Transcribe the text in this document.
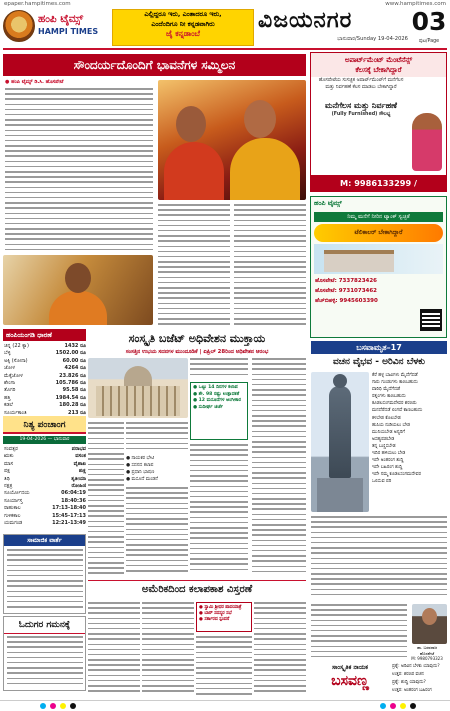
epaper.hampitimes.com	www.hampitimes.com
ಹಂಪಿ ಟೈಮ್ಸ್
HAMPI TIMES
ಎಲ್ಲಿದ್ದರೂ ಇರು, ಎಂತಾದರೂ ಇರು,
ಎಂದೆಂದಿಗೂ ನೀ ಕನ್ನಡವಾಗಿರು
ಜೈ ಕನ್ನಡಾಂಬೆ
ವಿಜಯನಗರ
ಭಾನುವಾರ/Sunday 19-04-2026
03
ಪುಟ/Page
ಸೌಂದರ್ಯದೊಂದಿಗೆ ಭಾವನೆಗಳ ಸಮ್ಮಿಲನ
● ಹಂಪಿ ಟೈಮ್ಸ್ ಡಿ.ಸಿ. ಹೊಸಪೇಟೆ
ಅಪಾರ್ಟ್‌ಮೆಂಟ್ ಮೆಂಟೆನೆನ್ಸ್
ಕೆಲಸಕ್ಕೆ ಬೇಕಾಗಿದ್ದಾರೆ
ಹೊಸಪೇಟೆಯ ಸುಸಜ್ಜಿತ ಅಪಾರ್ಟ್‌ಮೆಂಟ್‌ಗೆ ಮನೆಗೆಲಸ ಮತ್ತು ನಿರ್ವಹಣೆ ಕೆಲಸ ಮಾಡಲು ಬೇಕಾಗಿದ್ದಾರೆ
ಮನೆಗೆಲಸ ಮತ್ತು ನಿರ್ವಹಣೆ
(Fully Furnished) ಸೌಲಭ್ಯ
M: 9986133299 /
ಹಂಪಿ ಟೈಮ್ಸ್
ನಿಮ್ಮ ಮನೆಗೆ ನೀರಿನ ಟ್ಯಾಂಕ್ ಸ್ವಚ್ಛತೆ
ಟೆಲಿಕಾಲರ್ ಬೇಕಾಗಿದ್ದಾರೆ
ಹೊಸಪೇಟೆ: 7337823426
ಹೊಸಪೇಟೆ: 9731073462
ಹೆಚ್‌ಬಿಹಳ್ಳಿ: 9945603390
ಹಂಪಿಯಂಗಡಿ ಧಾರಣೆ
ಚಿನ್ನ (22 ಕ್ಯಾ)	1432 ರೂ
ಬೆಳ್ಳಿ	1502.00 ರೂ
ಅಕ್ಕಿ (ಸೋನಾ)	60.00 ರೂ
ಜೋಳ	4264 ರೂ
ಮೆಕ್ಕೆಜೋಳ	23.826 ರೂ
ಶೇಂಗಾ	105.786 ರೂ
ತೊಗರಿ	95.58 ರೂ
ಹತ್ತಿ	1984.54 ರೂ
ಕಡಲೆ	180.28 ರೂ
ಸೂರ್ಯಕಾಂತಿ	213 ರೂ
ನಿತ್ಯ ಪಂಚಾಂಗ
19-04-2026 — ಭಾನುವಾರ
ಸಂವತ್ಸರ	ಪರಾಭವ
ಋತು	ವಸಂತ
ಮಾಸ	ವೈಶಾಖ
ಪಕ್ಷ	ಶುಕ್ಲ
ತಿಥಿ	ತೃತೀಯಾ
ನಕ್ಷತ್ರ	ರೋಹಿಣಿ
ಸೂರ್ಯೋದಯ	06:04:19
ಸೂರ್ಯಾಸ್ತ	18:40:36
ರಾಹುಕಾಲ	17:13-18:40
ಗುಳಿಕಕಾಲ	15:45-17:13
ಯಮಗಂಡ	12:21-13:49
ಸಾಮಾಜಿಕ ವಾರ್ತೆ
ಓದುಗರ ಗಮನಕ್ಕೆ
ಸಂಸ್ಕೃತಿ ಬಜೆಟ್ ಅಧಿವೇಶನ ಮುಕ್ತಾಯ
ಸಂಸತ್ತಿನ ಉಭಯ ಸದನಗಳ ಮುಂದೂಡಿಕೆ | ಏಪ್ರಿಲ್ 28ರಿಂದ ಅಧಿವೇಶನ ಆರಂಭ
● ಒಟ್ಟು 14 ದಿನಗಳ ಕಲಾಪ
● ಶೇ. 98 ರಷ್ಟು ಉತ್ಪಾದಕತೆ
● 12 ಮಸೂದೆಗಳ ಅಂಗೀಕಾರ
● ಸುದೀರ್ಘ ಚರ್ಚೆ
● ನಾಯಕರ ಭೇಟಿ
● ಸದನದ ಕಲಾಪ
● ಪ್ರಧಾನಿ ಭಾಷಣ
● ಮಸೂದೆ ಮಂಡನೆ
ಅಮೆರಿಕದಿಂದ ಕಲಾಪಕಾಶ ವಿಸ್ತರಣೆ
● ಸ್ವಾಮಿ ಶ್ರೀಧರ ಪಾದಯಾತ್ರೆ
● ಬಾರ್ ಸದಸ್ಯರ ಸಭೆ
● ಸರ್ಕಾರದ ಸ್ಪಂದನೆ
ಬಸವಾಮೃತ–17
ವಚನ ವೈಭವ - ಅರಿವಿನ ಬೆಳಕು
ಕೆರೆ ಹಳ್ಳ ಬಾವಿಗಳು ಮೈದೆಗೆದಡೆ
ಗಾರು ಗುಂಡುಗಳು ಕಾಣಬಹುದು
ವಾರಿಧಿ ಮೈದೆಗೆದಡೆ
ರತ್ನಂಗಳು ಕಾಣಬಹುದು
ಕೂಡಲಸಂಗಮದೇವರ ಶರಣರು
ಮನದೆರೆದಡೆ ಲಿಂಗವೆ ಕಾಣಬಹುದು
ಕಳಬೇಡ ಕೊಲಬೇಡ
ಹುಸಿಯ ನುಡಿಯಲು ಬೇಡ
ಮುನಿಯಬೇಡ ಅನ್ಯರಿಗೆ
ಅಸಹ್ಯಪಡಬೇಡ
ತನ್ನ ಬಣ್ಣಿಸಬೇಡ
ಇದಿರ ಹಳಿಯಲು ಬೇಡ
ಇದೇ ಅಂತರಂಗ ಶುದ್ಧಿ
ಇದೇ ಬಹಿರಂಗ ಶುದ್ಧಿ
ಇದೇ ನಮ್ಮ ಕೂಡಲಸಂಗಮದೇವರ
ಒಲಿಸುವ ಪರಿ
ಡಾ. ಬಸವರಾಜ
ಹೊಸಪೇಟೆ
M: 9980793323
ಸಾಂಸ್ಕೃತಿಕ ನಾಯಕ
ಬಸವಣ್ಣ
ಪ್ರಶ್ನೆ: ಅರಿವಿನ ಬೆಳಕು ಯಾವುದು?
ಉತ್ತರ: ಶರಣರ ವಚನ
ಪ್ರಶ್ನೆ: ಶುದ್ಧಿ ಯಾವುದು?
ಉತ್ತರ: ಅಂತರಂಗ ಬಹಿರಂಗ
